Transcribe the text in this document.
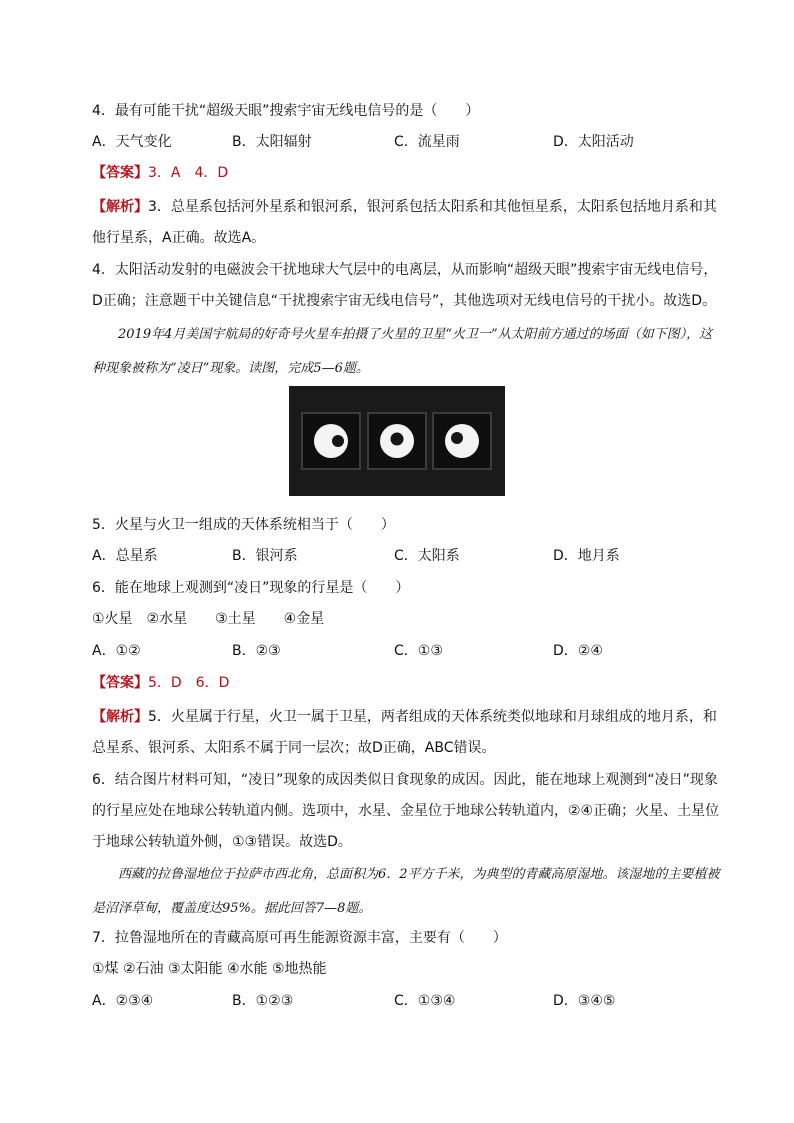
4．最有可能干扰“超级天眼”搜索宇宙无线电信号的是（　　）
A．天气变化	B．太阳辐射	C．流星雨	D．太阳活动
【答案】3．A　4．D
【解析】3．总星系包括河外星系和银河系，银河系包括太阳系和其他恒星系，太阳系包括地月系和其他行星系，A正确。故选A。
4．太阳活动发射的电磁波会干扰地球大气层中的电离层，从而影响“超级天眼”搜索宇宙无线电信号，D正确；注意题干中关键信息“干扰搜索宇宙无线电信号”，其他选项对无线电信号的干扰小。故选D。
2019年4月美国宇航局的好奇号火星车拍摄了火星的卫星“火卫一”从太阳前方通过的场面（如下图），这种现象被称为“凌日”现象。读图，完成5—6题。
5．火星与火卫一组成的天体系统相当于（　　）
A．总星系	B．银河系	C．太阳系	D．地月系
6．能在地球上观测到“凌日”现象的行星是（　　）
①火星　②水星　　③土星　　④金星
A．①②	B．②③	C．①③	D．②④
【答案】5．D　6．D
【解析】5．火星属于行星，火卫一属于卫星，两者组成的天体系统类似地球和月球组成的地月系，和总星系、银河系、太阳系不属于同一层次；故D正确，ABC错误。
6．结合图片材料可知，“凌日”现象的成因类似日食现象的成因。因此，能在地球上观测到“凌日”现象的行星应处在地球公转轨道内侧。选项中，水星、金星位于地球公转轨道内，②④正确；火星、土星位于地球公转轨道外侧，①③错误。故选D。
西藏的拉鲁湿地位于拉萨市西北角，总面积为6．2平方千米，为典型的青藏高原湿地。该湿地的主要植被是沼泽草甸，覆盖度达95%。据此回答7—8题。
7．拉鲁湿地所在的青藏高原可再生能源资源丰富，主要有（　　）
①煤 ②石油 ③太阳能 ④水能 ⑤地热能
A．②③④	B．①②③	C．①③④	D．③④⑤
